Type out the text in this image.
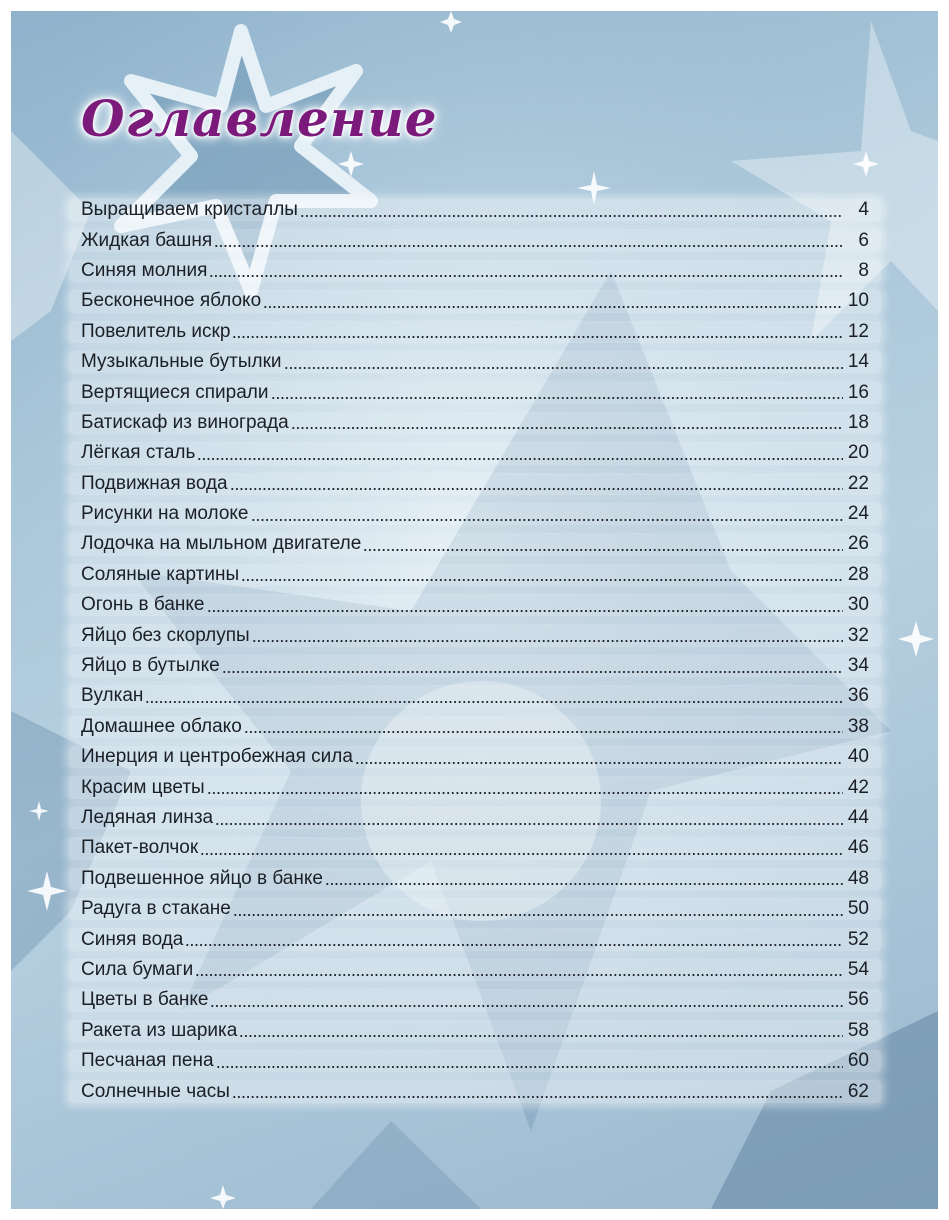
Оглавление
Выращиваем кристаллы	4
Жидкая башня	6
Синяя молния	8
Бесконечное яблоко	10
Повелитель искр	12
Музыкальные бутылки	14
Вертящиеся спирали	16
Батискаф из винограда	18
Лёгкая сталь	20
Подвижная вода	22
Рисунки на молоке	24
Лодочка на мыльном двигателе	26
Соляные картины	28
Огонь в банке	30
Яйцо без скорлупы	32
Яйцо в бутылке	34
Вулкан	36
Домашнее облако	38
Инерция и центробежная сила	40
Красим цветы	42
Ледяная линза	44
Пакет-волчок	46
Подвешенное яйцо в банке	48
Радуга в стакане	50
Синяя вода	52
Сила бумаги	54
Цветы в банке	56
Ракета из шарика	58
Песчаная пена	60
Солнечные часы	62
